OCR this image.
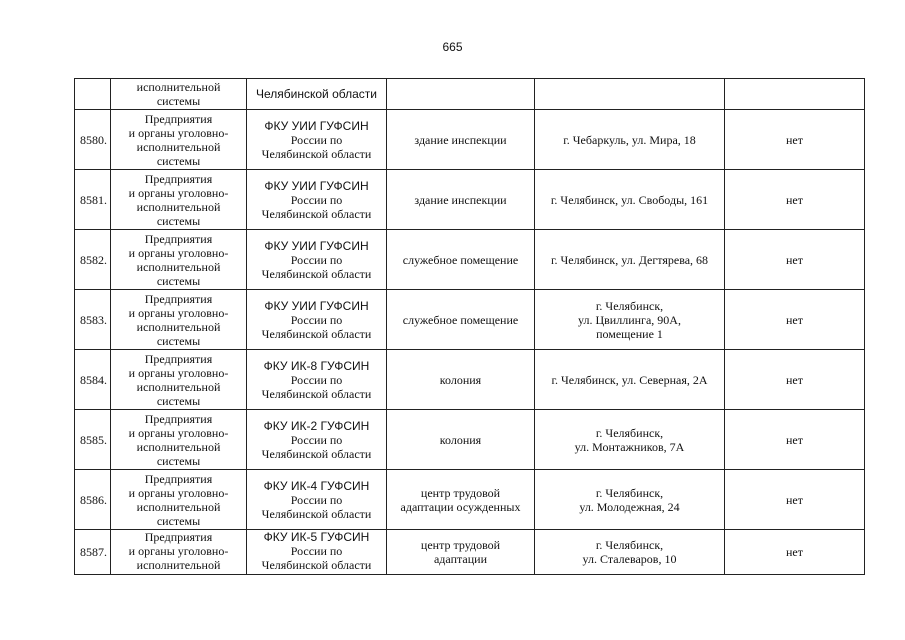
665

	исполнительной
системы	Челябинской области			

8580.	Предприятия
и органы уголовно-
исполнительной
системы	ФКУ УИИ ГУФСИН
России по
Челябинской области	здание инспекции	г. Чебаркуль, ул. Мира, 18	нет
8581.	Предприятия
и органы уголовно-
исполнительной
системы	ФКУ УИИ ГУФСИН
России по
Челябинской области	здание инспекции	г. Челябинск, ул. Свободы, 161	нет
8582.	Предприятия
и органы уголовно-
исполнительной
системы	ФКУ УИИ ГУФСИН
России по
Челябинской области	служебное помещение	г. Челябинск, ул. Дегтярева, 68	нет
8583.	Предприятия
и органы уголовно-
исполнительной
системы	ФКУ УИИ ГУФСИН
России по
Челябинской области	служебное помещение	г. Челябинск,
ул. Цвиллинга, 90А,
помещение 1	нет
8584.	Предприятия
и органы уголовно-
исполнительной
системы	ФКУ ИК-8 ГУФСИН
России по
Челябинской области	колония	г. Челябинск, ул. Северная, 2А	нет
8585.	Предприятия
и органы уголовно-
исполнительной
системы	ФКУ ИК-2 ГУФСИН
России по
Челябинской области	колония	г. Челябинск,
ул. Монтажников, 7А	нет
8586.	Предприятия
и органы уголовно-
исполнительной
системы	ФКУ ИК-4 ГУФСИН
России по
Челябинской области	центр трудовой
адаптации осужденных	г. Челябинск,
ул. Молодежная, 24	нет
8587.	Предприятия
и органы уголовно-
исполнительной	ФКУ ИК-5 ГУФСИН
России по
Челябинской области	центр трудовой
адаптации	г. Челябинск,
ул. Сталеваров, 10	нет
